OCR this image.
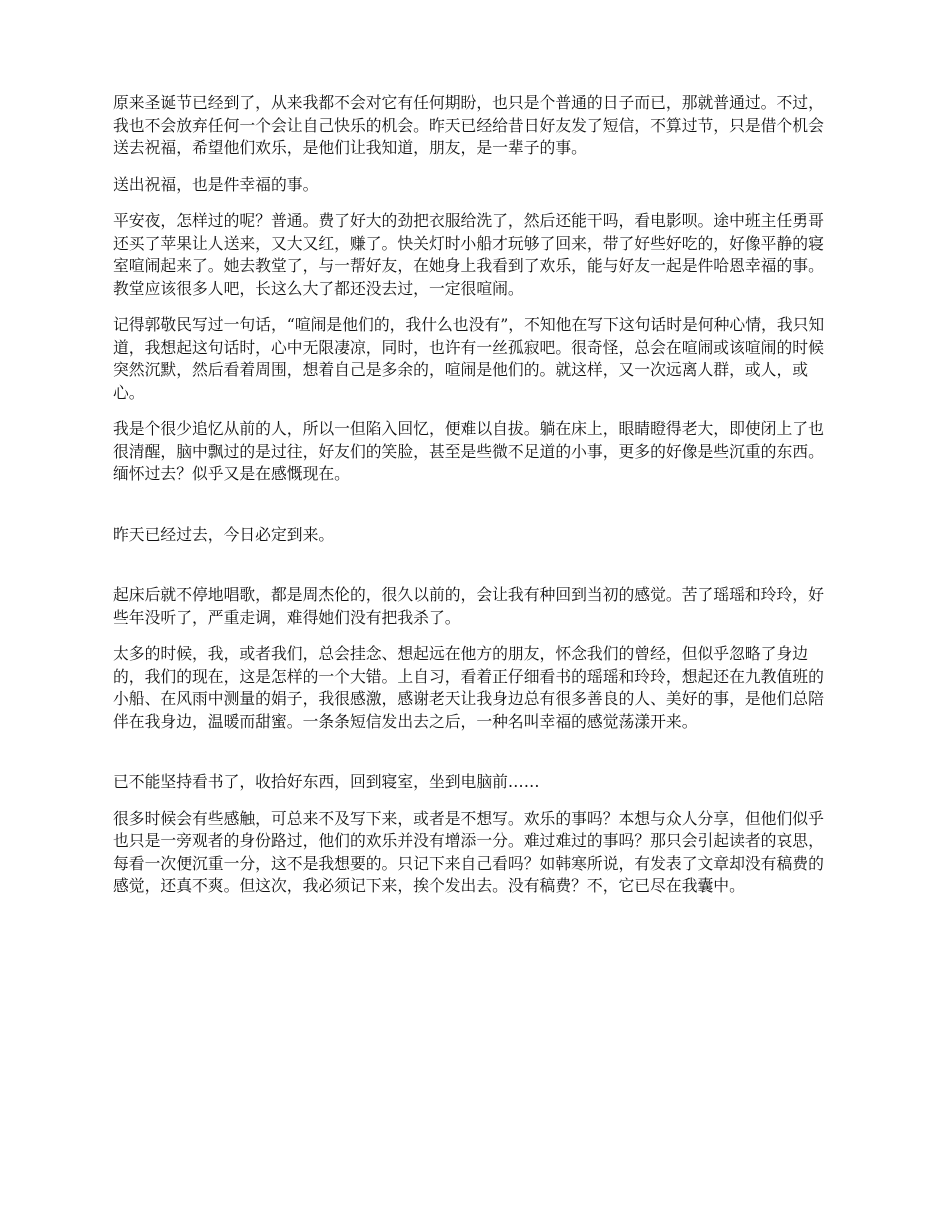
原来圣诞节已经到了，从来我都不会对它有任何期盼，也只是个普通的日子而已，那就普通过。不过，我也不会放弃任何一个会让自己快乐的机会。昨天已经给昔日好友发了短信，不算过节，只是借个机会送去祝福，希望他们欢乐，是他们让我知道，朋友，是一辈子的事。

送出祝福，也是件幸福的事。

平安夜，怎样过的呢？普通。费了好大的劲把衣服给洗了，然后还能干吗，看电影呗。途中班主任勇哥还买了苹果让人送来，又大又红，赚了。快关灯时小船才玩够了回来，带了好些好吃的，好像平静的寝室喧闹起来了。她去教堂了，与一帮好友，在她身上我看到了欢乐，能与好友一起是件哈恩幸福的事。教堂应该很多人吧，长这么大了都还没去过，一定很喧闹。

记得郭敬民写过一句话，“喧闹是他们的，我什么也没有”，不知他在写下这句话时是何种心情，我只知道，我想起这句话时，心中无限凄凉，同时，也许有一丝孤寂吧。很奇怪，总会在喧闹或该喧闹的时候突然沉默，然后看着周围，想着自己是多余的，喧闹是他们的。就这样，又一次远离人群，或人，或心。

我是个很少追忆从前的人，所以一但陷入回忆，便难以自拔。躺在床上，眼睛瞪得老大，即使闭上了也很清醒，脑中飘过的是过往，好友们的笑脸，甚至是些微不足道的小事，更多的好像是些沉重的东西。缅怀过去？似乎又是在感慨现在。

昨天已经过去，今日必定到来。

起床后就不停地唱歌，都是周杰伦的，很久以前的，会让我有种回到当初的感觉。苦了瑶瑶和玲玲，好些年没听了，严重走调，难得她们没有把我杀了。

太多的时候，我，或者我们，总会挂念、想起远在他方的朋友，怀念我们的曾经，但似乎忽略了身边的，我们的现在，这是怎样的一个大错。上自习，看着正仔细看书的瑶瑶和玲玲，想起还在九教值班的小船、在风雨中测量的娟子，我很感激，感谢老天让我身边总有很多善良的人、美好的事，是他们总陪伴在我身边，温暖而甜蜜。一条条短信发出去之后，一种名叫幸福的感觉荡漾开来。

已不能坚持看书了，收拾好东西，回到寝室，坐到电脑前……

很多时候会有些感触，可总来不及写下来，或者是不想写。欢乐的事吗？本想与众人分享，但他们似乎也只是一旁观者的身份路过，他们的欢乐并没有增添一分。难过难过的事吗？那只会引起读者的哀思，每看一次便沉重一分，这不是我想要的。只记下来自己看吗？如韩寒所说，有发表了文章却没有稿费的感觉，还真不爽。但这次，我必须记下来，挨个发出去。没有稿费？不，它已尽在我囊中。
